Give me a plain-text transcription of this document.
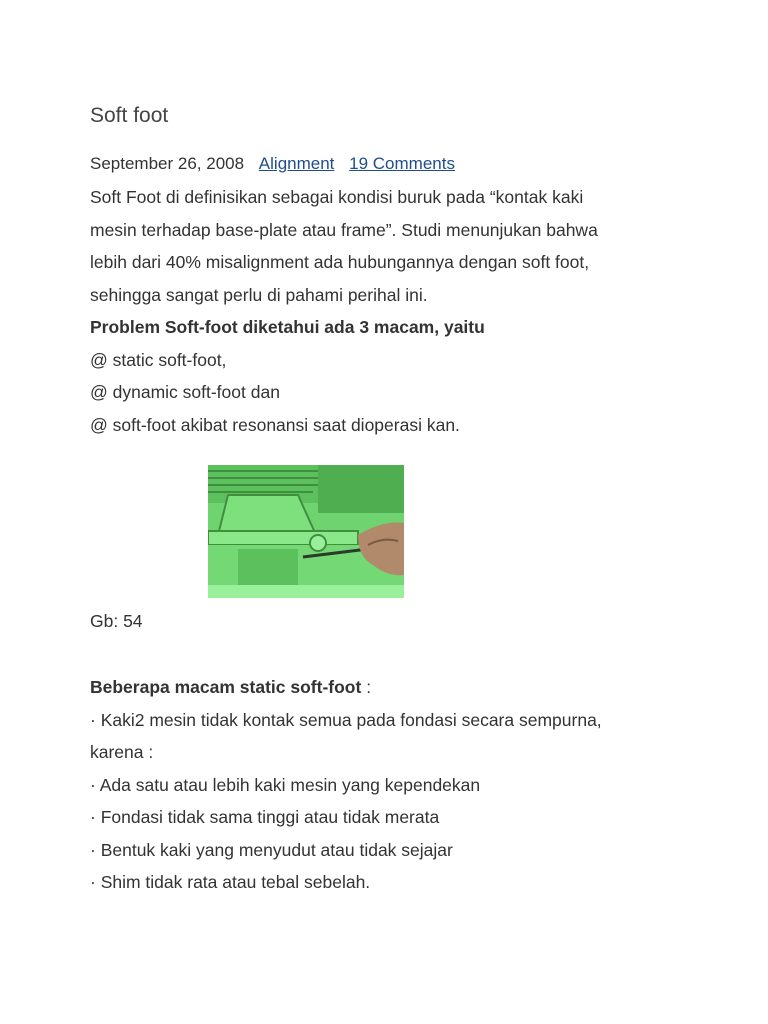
Soft foot
September 26, 2008 Alignment 19 Comments
Soft Foot di definisikan sebagai kondisi buruk pada “kontak kaki
mesin terhadap base-plate atau frame”. Studi menunjukan bahwa
lebih dari 40% misalignment ada hubungannya dengan soft foot,
sehingga sangat perlu di pahami perihal ini.
Problem Soft-foot diketahui ada 3 macam, yaitu
@ static soft-foot,
@ dynamic soft-foot dan
@ soft-foot akibat resonansi saat dioperasi kan.
Gb: 54
Beberapa macam static soft-foot :
· Kaki2 mesin tidak kontak semua pada fondasi secara sempurna,
karena :
· Ada satu atau lebih kaki mesin yang kependekan
· Fondasi tidak sama tinggi atau tidak merata
· Bentuk kaki yang menyudut atau tidak sejajar
· Shim tidak rata atau tebal sebelah.
